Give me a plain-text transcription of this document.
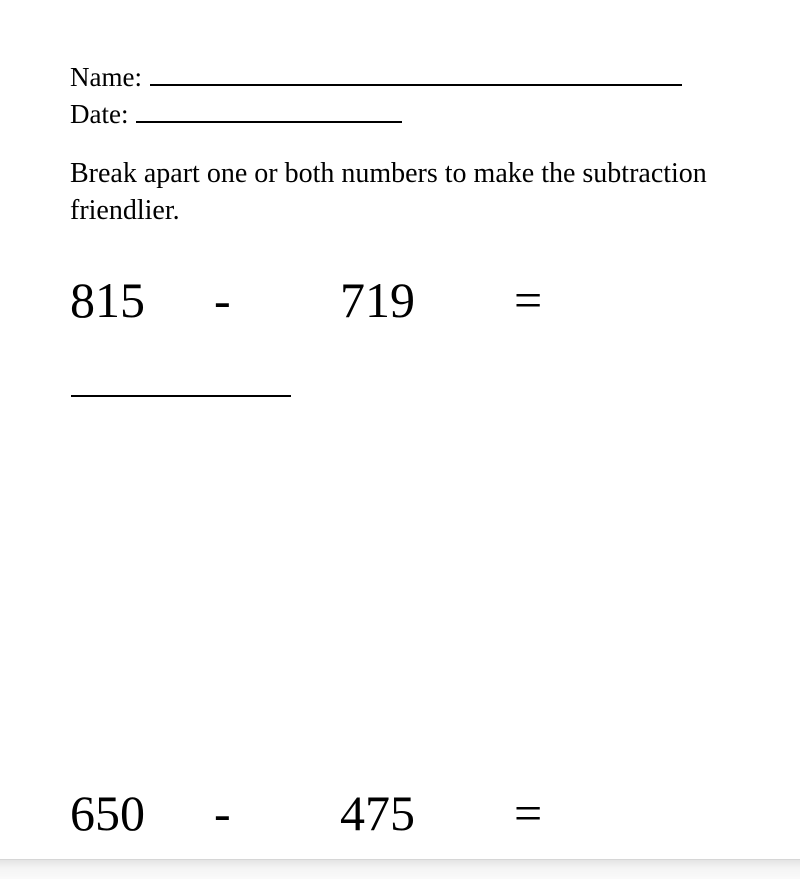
Name:
Date:
Break apart one or both numbers to make the subtraction friendlier.
815 - 719 =
650 - 475 =
